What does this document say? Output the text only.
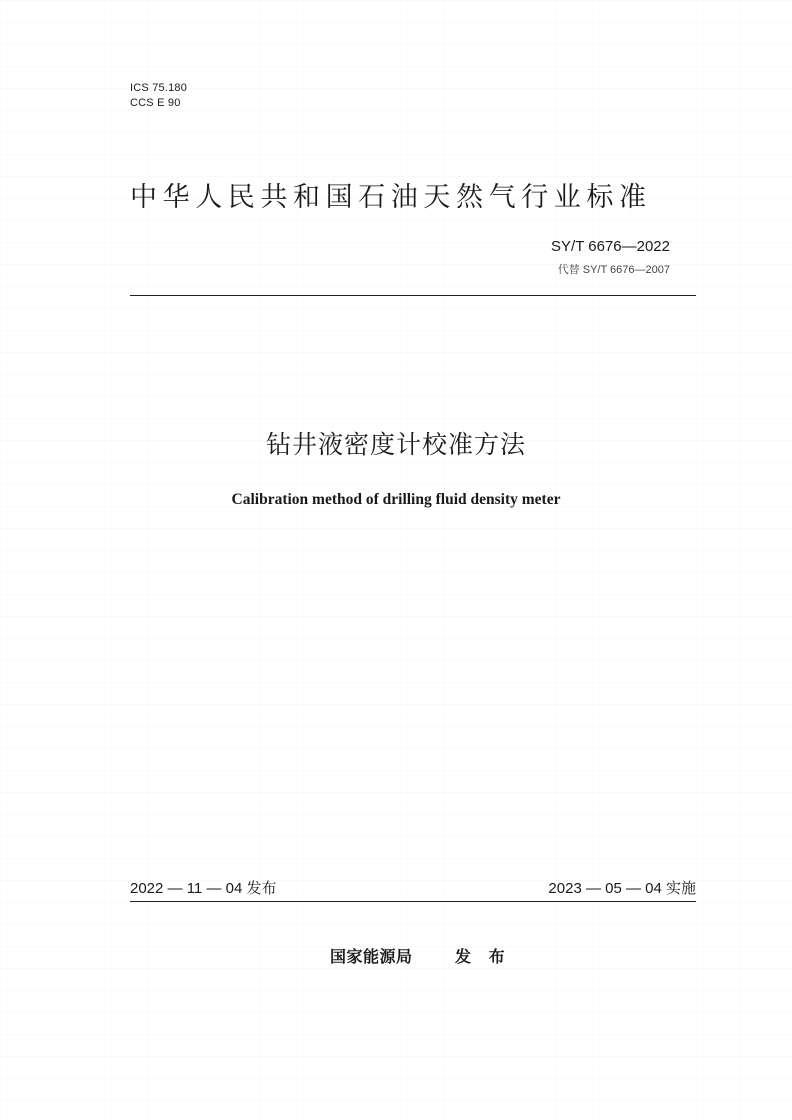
ICS 75.180
CCS E 90
中华人民共和国石油天然气行业标准
SY/T 6676—2022
代替 SY/T 6676—2007
钻井液密度计校准方法
Calibration method of drilling fluid density meter
2022 — 11 — 04 发布	2023 — 05 — 04 实施
国家能源局	发 布
